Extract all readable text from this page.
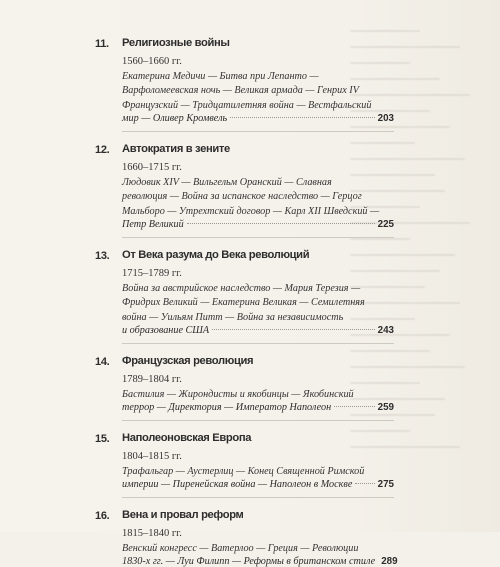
11.	Религиозные войны
1560–1660 гг.
Екатерина Медичи — Битва при Лепанто —
Варфоломеевская ночь — Великая армада — Генрих IV
Французский — Тридцатилетняя война — Вестфальский
мир — Оливер Кромвель	203
12.	Автократия в зените
1660–1715 гг.
Людовик XIV — Вильгельм Оранский — Славная
революция — Война за испанское наследство — Герцог
Мальборо — Утрехтский договор — Карл XII Шведский —
Петр Великий	225
13.	От Века разума до Века революций
1715–1789 гг.
Война за австрийское наследство — Мария Терезия —
Фридрих Великий — Екатерина Великая — Семилетняя
война — Уильям Питт — Война за независимость
и образование США	243
14.	Французская революция
1789–1804 гг.
Бастилия — Жирондисты и якобинцы — Якобинский
террор — Директория — Император Наполеон	259
15.	Наполеоновская Европа
1804–1815 гг.
Трафальгар — Аустерлиц — Конец Священной Римской
империи — Пиренейская война — Наполеон в Москве	275
16.	Вена и провал реформ
1815–1840 гг.
Венский конгресс — Ватерлоо — Греция — Революции
1830-х гг. — Луи Филипп — Реформы в британском стиле 289
